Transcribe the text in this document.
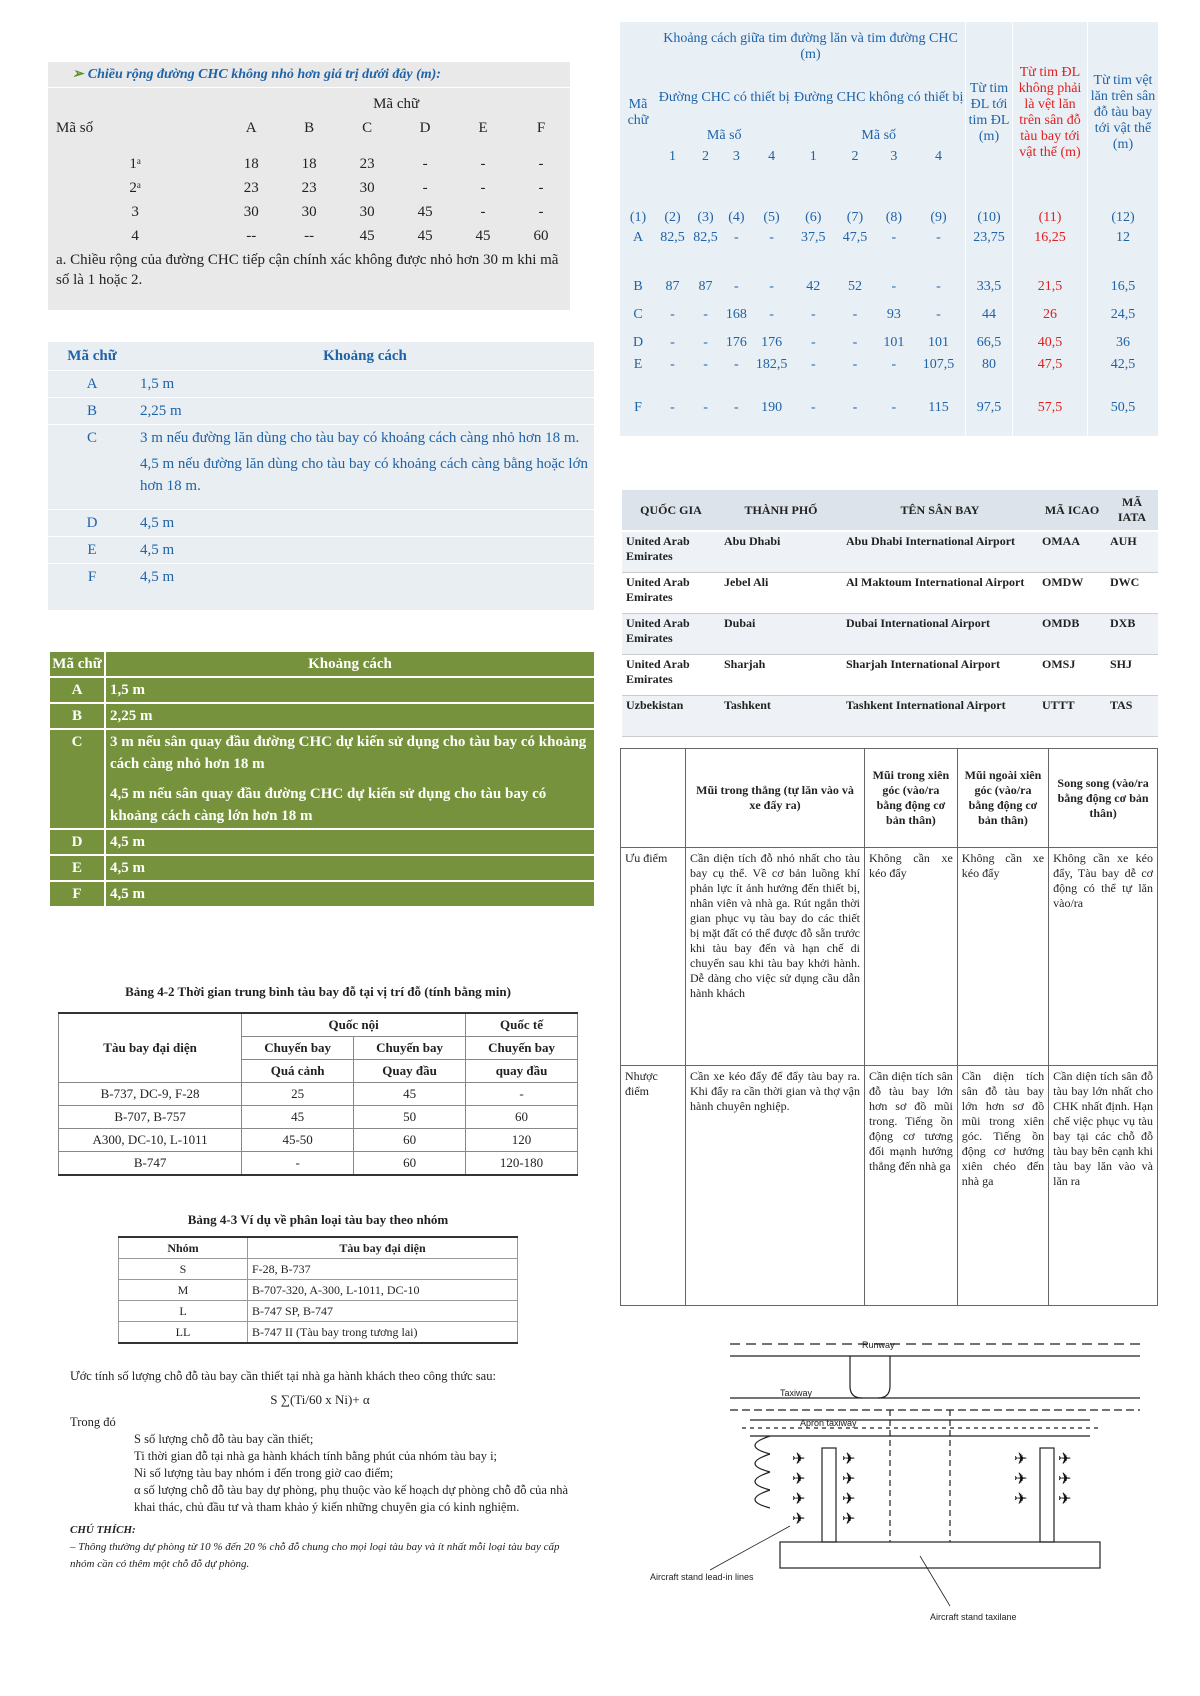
➢ Chiều rộng đường CHC không nhỏ hơn giá trị dưới đây (m):
	Mã chữ					
Mã số	A	B	C	D	E	F

1ᵃ	18	18	23	-	-	-
2ᵃ	23	23	30	-	-	-
3	30	30	30	45	-	-
4	--	--	45	45	45	60
a. Chiều rộng của đường CHC tiếp cận chính xác không được nhỏ hơn 30 m khi mã số là 1 hoặc 2.
Mã chữ	Khoảng cách
A	1,5 m
B	2,25 m
C	3 m nếu đường lăn dùng cho tàu bay có khoảng cách càng nhỏ hơn 18 m.
4,5 m nếu đường lăn dùng cho tàu bay có khoảng cách càng bằng hoặc lớn hơn 18 m.

D	4,5 m
E	4,5 m
F	4,5 m
Mã chữ	Khoảng cách
A	1,5 m
B	2,25 m
C	3 m nếu sân quay đầu đường CHC dự kiến sử dụng cho tàu bay có khoảng cách càng nhỏ hơn 18 m
4,5 m nếu sân quay đầu đường CHC dự kiến sử dụng cho tàu bay có khoảng cách càng lớn hơn 18 m

D	4,5 m
E	4,5 m
F	4,5 m
Bảng 4-2 Thời gian trung bình tàu bay đỗ tại vị trí đỗ (tính bằng min)
Tàu bay đại diện	Quốc nội		Quốc tế
	Chuyến bay	Chuyến bay	Chuyến bay
	Quá cảnh	Quay đầu	quay đầu
B-737, DC-9, F-28	25	45	-
B-707, B-757	45	50	60
A300, DC-10, L-1011	45-50	60	120
B-747	-	60	120-180
Bảng 4-3 Ví dụ về phân loại tàu bay theo nhóm
Nhóm	Tàu bay đại diện
S	F-28, B-737
M	B-707-320, A-300, L-1011, DC-10
L	B-747 SP, B-747
LL	B-747 II (Tàu bay trong tương lai)

Ước tính số lượng chỗ đỗ tàu bay cần thiết tại nhà ga hành khách theo công thức sau:

S ∑(Ti/60 x Ni)+ α

Trong đó

S số lượng chỗ đỗ tàu bay cần thiết;

Ti thời gian đỗ tại nhà ga hành khách tính bằng phút của nhóm tàu bay i;

Ni số lượng tàu bay nhóm i đến trong giờ cao điểm;

α số lượng chỗ đỗ tàu bay dự phòng, phụ thuộc vào kế hoạch dự phòng chỗ đỗ của nhà khai thác, chủ đầu tư và tham khảo ý kiến những chuyên gia có kinh nghiệm.

CHÚ THÍCH:

– Thông thường dự phòng từ 10 % đến 20 % chỗ đỗ chung cho mọi loại tàu bay và ít nhất mỗi loại tàu bay cấp nhóm cần có thêm một chỗ đỗ dự phòng.

Mã chữ	Khoảng cách giữa tim đường lăn và tim đường CHC (m)								Từ tim ĐL tới tim ĐL (m)	Từ tim ĐL không phải là vệt lăn trên sân đỗ tàu bay tới vật thể (m)	Từ tim vệt lăn trên sân đỗ tàu bay tới vật thể (m)
	Đường CHC có thiết bị				Đường CHC không có thiết bị						
	Mã số				Mã số						
	1	2	3	4	1	2	3	4			
(1)	(2)	(3)	(4)	(5)	(6)	(7)	(8)	(9)	(10)	(11)	(12)
A	82,5	82,5	-	-	37,5	47,5	-	-	23,75	16,25	12
B	87	87	-	-	42	52	-	-	33,5	21,5	16,5
C	-	-	168	-	-	-	93	-	44	26	24,5
D	-	-	176	176	-	-	101	101	66,5	40,5	36
E	-	-	-	182,5	-	-	-	107,5	80	47,5	42,5
F	-	-	-	190	-	-	-	115	97,5	57,5	50,5
QUỐC GIA	THÀNH PHỐ	TÊN SÂN BAY	MÃ ICAO	MÃ IATA
United Arab Emirates	Abu Dhabi	Abu Dhabi International Airport	OMAA	AUH
United Arab Emirates	Jebel Ali	Al Maktoum International Airport	OMDW	DWC
United Arab Emirates	Dubai	Dubai International Airport	OMDB	DXB
United Arab Emirates	Sharjah	Sharjah International Airport	OMSJ	SHJ
Uzbekistan	Tashkent	Tashkent International Airport	UTTT	TAS
	Mũi trong thẳng (tự lăn vào và xe đẩy ra)	Mũi trong xiên góc (vào/ra bằng động cơ bản thân)	Mũi ngoài xiên góc (vào/ra bằng động cơ bản thân)	Song song (vào/ra bằng động cơ bản thân)
Ưu điểm	Cần diện tích đỗ nhỏ nhất cho tàu bay cụ thể. Về cơ bản luồng khí phản lực ít ảnh hưởng đến thiết bị, nhân viên và nhà ga. Rút ngắn thời gian phục vụ tàu bay do các thiết bị mặt đất có thể được đỗ sẵn trước khi tàu bay đến và hạn chế di chuyển sau khi tàu bay khởi hành. Dễ dàng cho việc sử dụng cầu dẫn hành khách	Không cần xe kéo đẩy	Không cần xe kéo đẩy	Không cần xe kéo đẩy, Tàu bay dễ cơ động có thể tự lăn vào/ra
Nhược điểm	Cần xe kéo đẩy để đẩy tàu bay ra. Khi đẩy ra cần thời gian và thợ vận hành chuyên nghiệp.	Cần diện tích sân đỗ tàu bay lớn hơn sơ đồ mũi trong. Tiếng ồn động cơ tương đối mạnh hướng thẳng đến nhà ga	Cần diện tích sân đỗ tàu bay lớn hơn sơ đồ mũi trong xiên góc. Tiếng ồn động cơ hướng xiên chéo đến nhà ga	Cần diện tích sân đỗ tàu bay lớn nhất cho CHK nhất định. Hạn chế việc phục vụ tàu bay tại các chỗ đỗ tàu bay bên cạnh khi tàu bay lăn vào và lăn ra
✈
✈
✈
✈
✈
✈
✈
✈
✈
✈
✈
✈
✈
✈
Runway
Taxiway
Apron taxiway
Aircraft stand lead-in lines
Aircraft stand taxilane
